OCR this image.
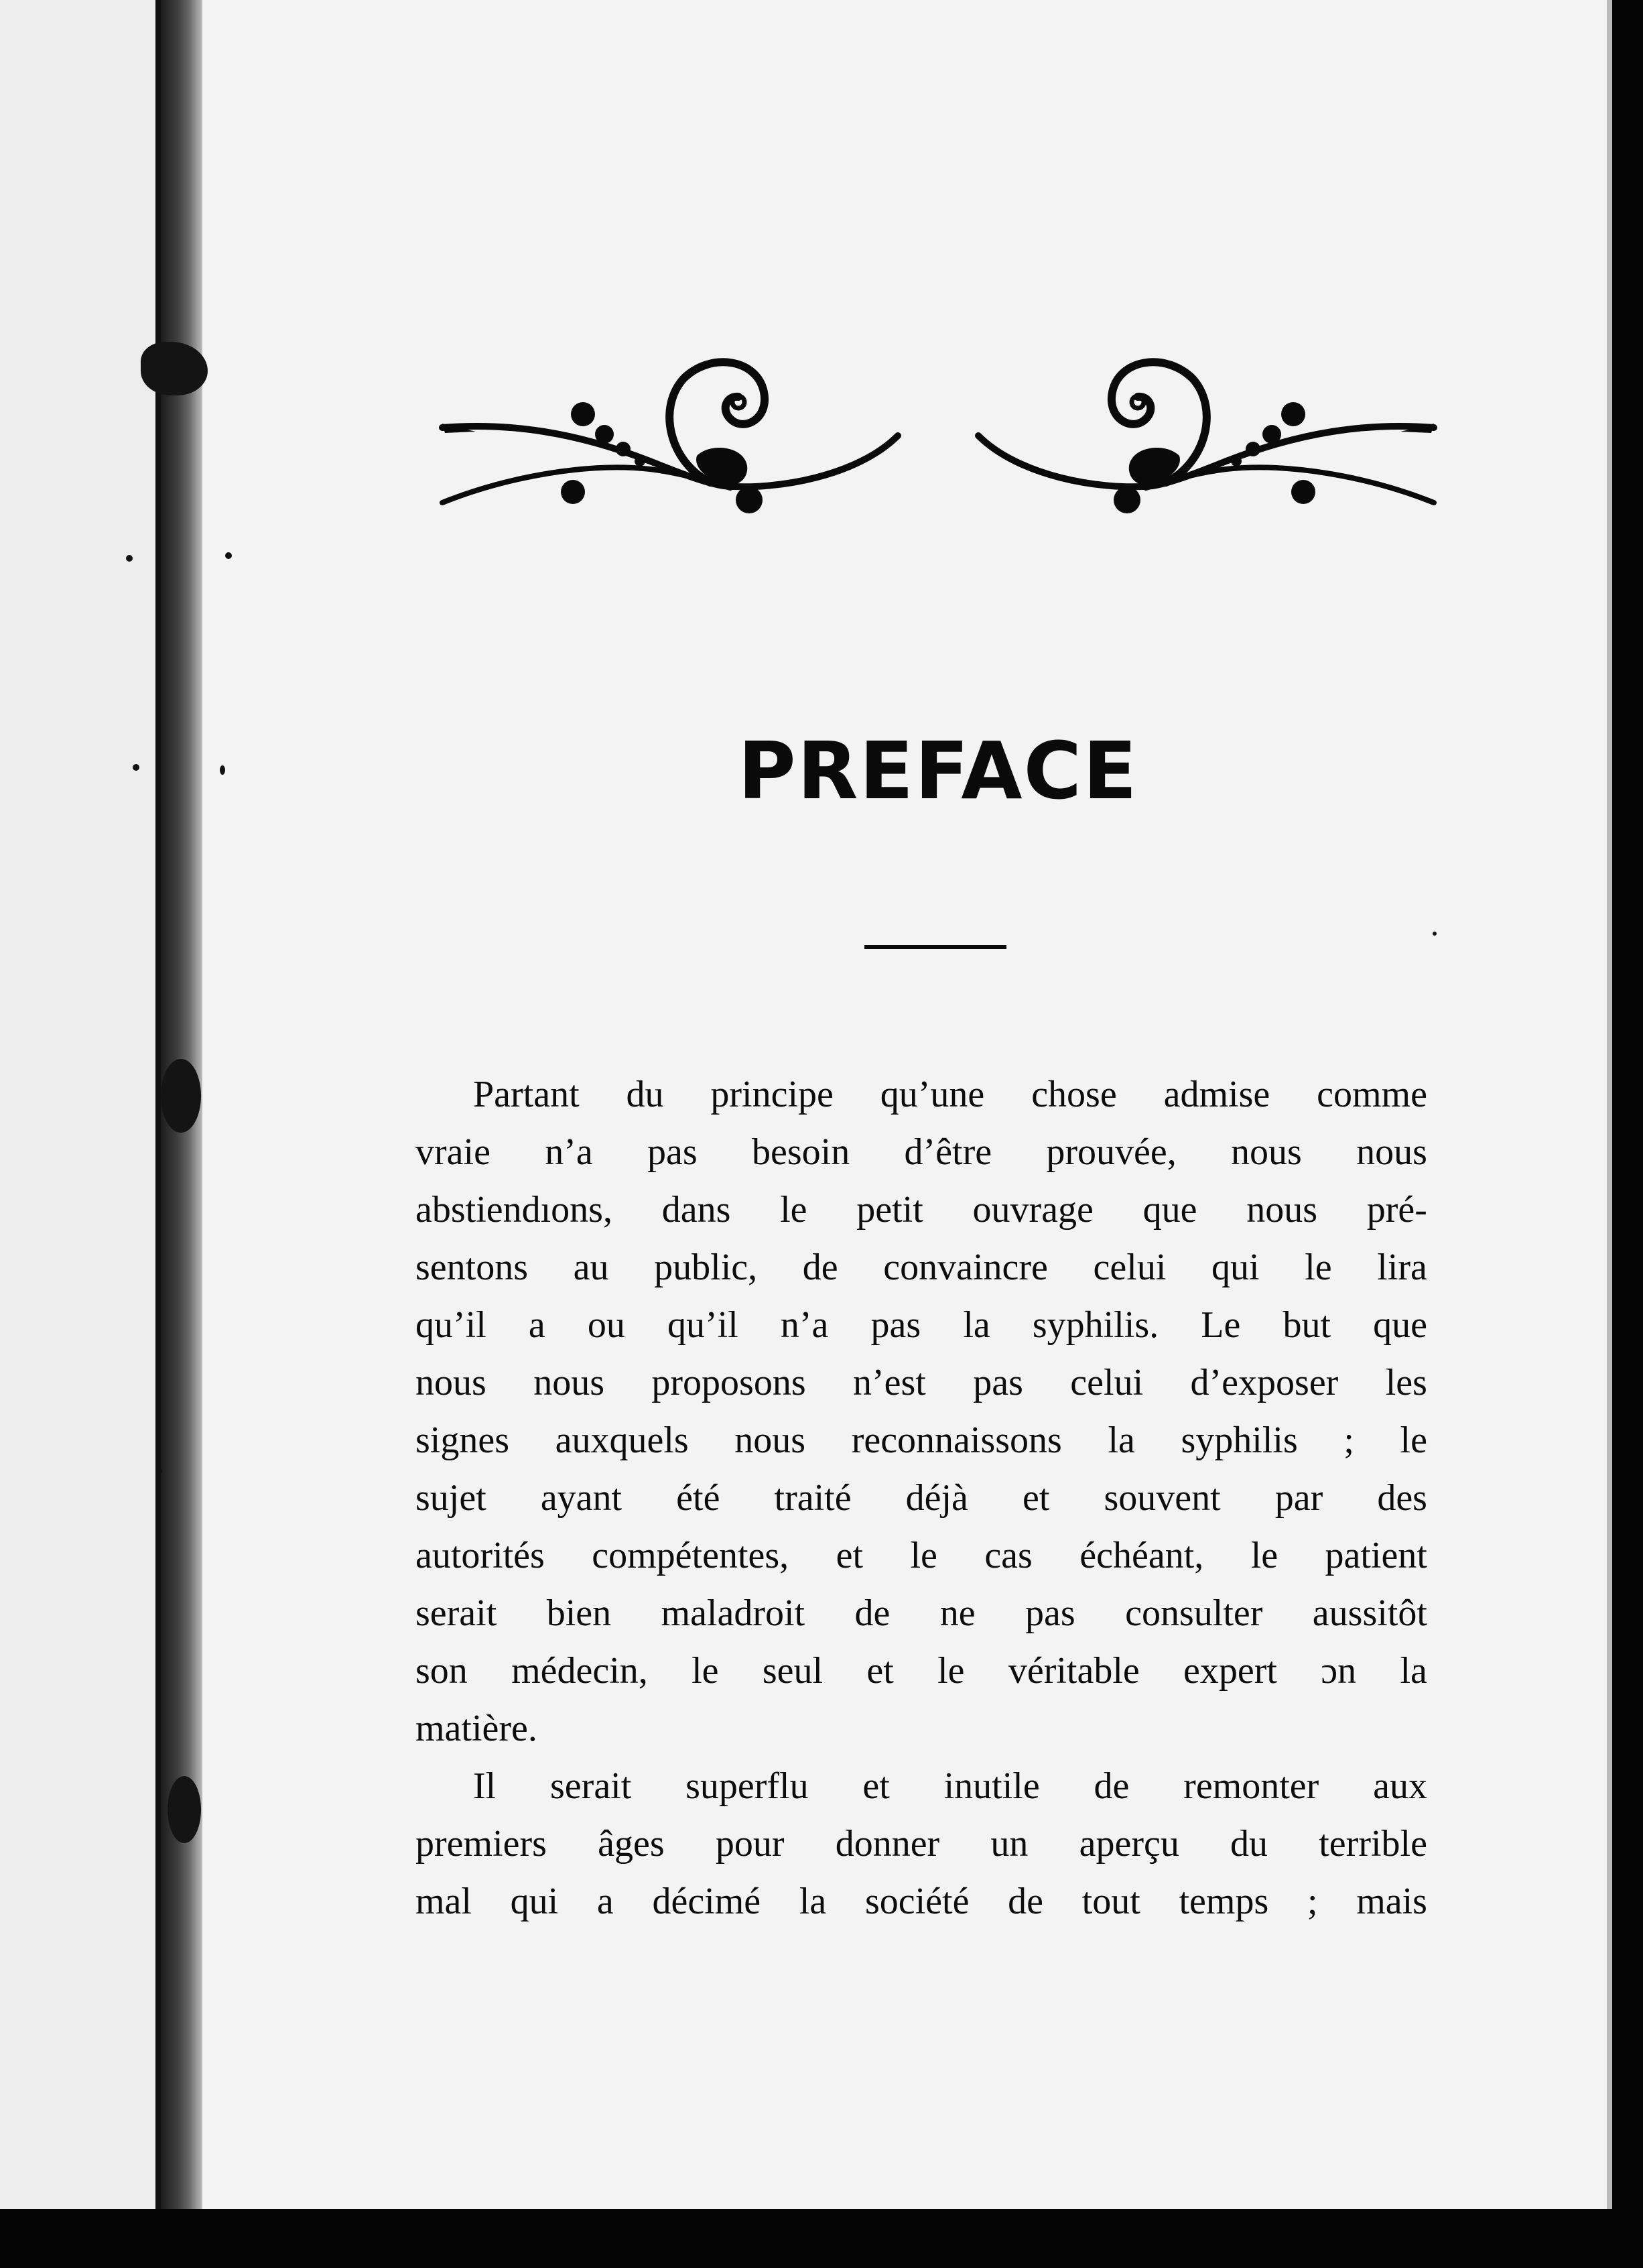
PREFACE
Partant du principe qu’une chose admise comme
vraie n’a pas besoin d’être prouvée, nous nous
abstiendıons, dans le petit ouvrage que nous pré-
sentons au public, de convaincre celui qui le lira
qu’il a ou qu’il n’a pas la syphilis. Le but que
nous nous proposons n’est pas celui d’exposer les
signes auxquels nous reconnaissons la syphilis ; le
sujet ayant été traité déjà et souvent par des
autorités compétentes, et le cas échéant, le patient
serait bien maladroit de ne pas consulter aussitôt
son médecin, le seul et le véritable expert ɔn la
matière.
Il serait superflu et inutile de remonter aux
premiers âges pour donner un aperçu du terrible
mal qui a décimé la société de tout temps ; mais
